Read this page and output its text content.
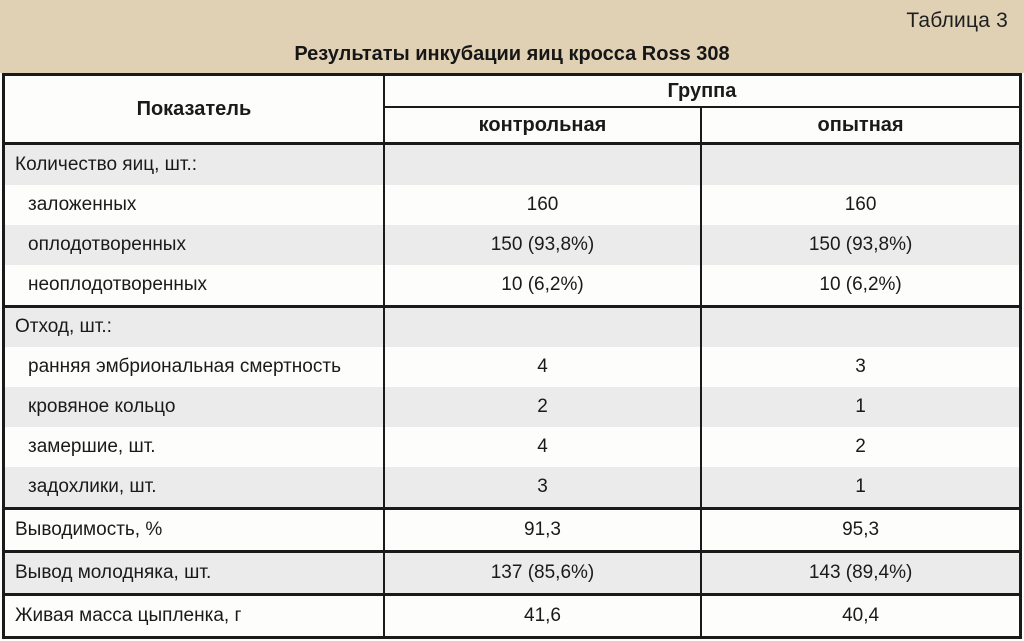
Таблица 3
Результаты инкубации яиц кросса Ross 308
Показатель	Группа	
	контрольная	опытная
Количество яиц, шт.:		
заложенных	160	160
оплодотворенных	150 (93,8%)	150 (93,8%)
неоплодотворенных	10 (6,2%)	10 (6,2%)
Отход, шт.:		
ранняя эмбриональная смертность	4	3
кровяное кольцо	2	1
замершие, шт.	4	2
задохлики, шт.	3	1
Выводимость, %	91,3	95,3
Вывод молодняка, шт.	137 (85,6%)	143 (89,4%)
Живая масса цыпленка, г	41,6	40,4
